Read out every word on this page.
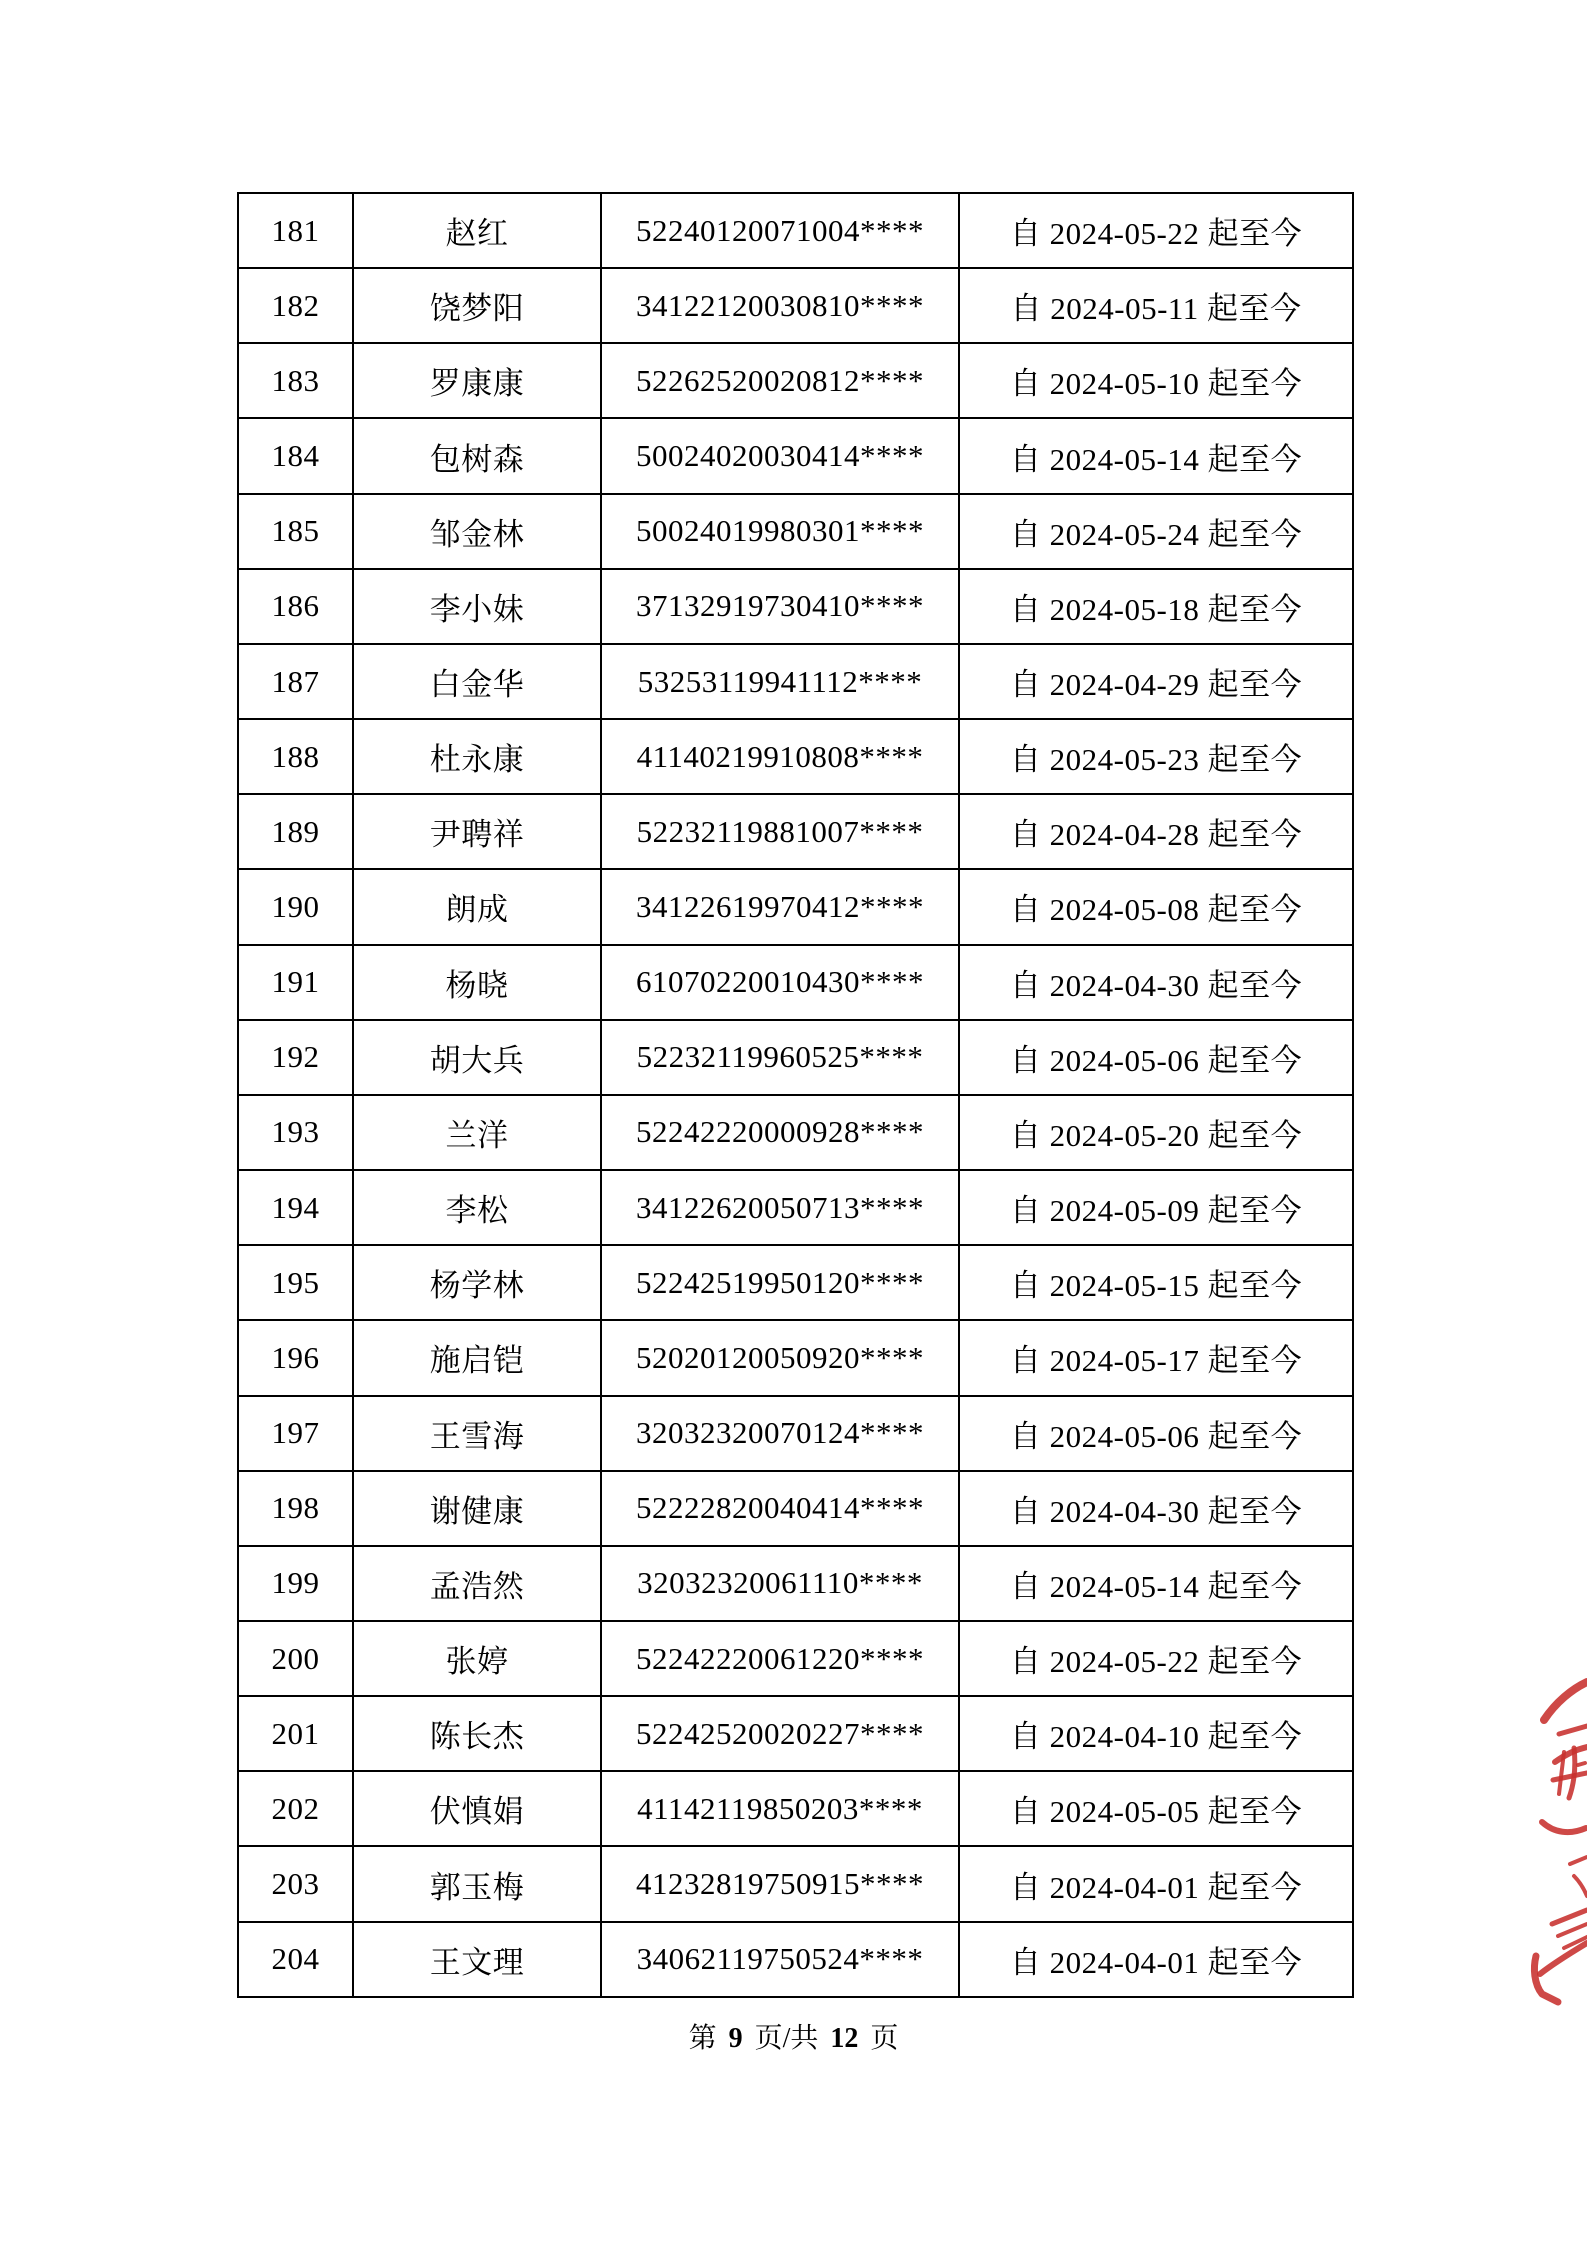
181	赵红	52240120071004****	自 2024-05-22 起至今
182	饶梦阳	34122120030810****	自 2024-05-11 起至今
183	罗康康	52262520020812****	自 2024-05-10 起至今
184	包树森	50024020030414****	自 2024-05-14 起至今
185	邹金林	50024019980301****	自 2024-05-24 起至今
186	李小妹	37132919730410****	自 2024-05-18 起至今
187	白金华	53253119941112****	自 2024-04-29 起至今
188	杜永康	41140219910808****	自 2024-05-23 起至今
189	尹聘祥	52232119881007****	自 2024-04-28 起至今
190	朗成	34122619970412****	自 2024-05-08 起至今
191	杨晓	61070220010430****	自 2024-04-30 起至今
192	胡大兵	52232119960525****	自 2024-05-06 起至今
193	兰洋	52242220000928****	自 2024-05-20 起至今
194	李松	34122620050713****	自 2024-05-09 起至今
195	杨学林	52242519950120****	自 2024-05-15 起至今
196	施启铠	52020120050920****	自 2024-05-17 起至今
197	王雪海	32032320070124****	自 2024-05-06 起至今
198	谢健康	52222820040414****	自 2024-04-30 起至今
199	孟浩然	32032320061110****	自 2024-05-14 起至今
200	张婷	52242220061220****	自 2024-05-22 起至今
201	陈长杰	52242520020227****	自 2024-04-10 起至今
202	伏慎娟	41142119850203****	自 2024-05-05 起至今
203	郭玉梅	41232819750915****	自 2024-04-01 起至今
204	王文理	34062119750524****	自 2024-04-01 起至今
第 9 页/共 12 页
